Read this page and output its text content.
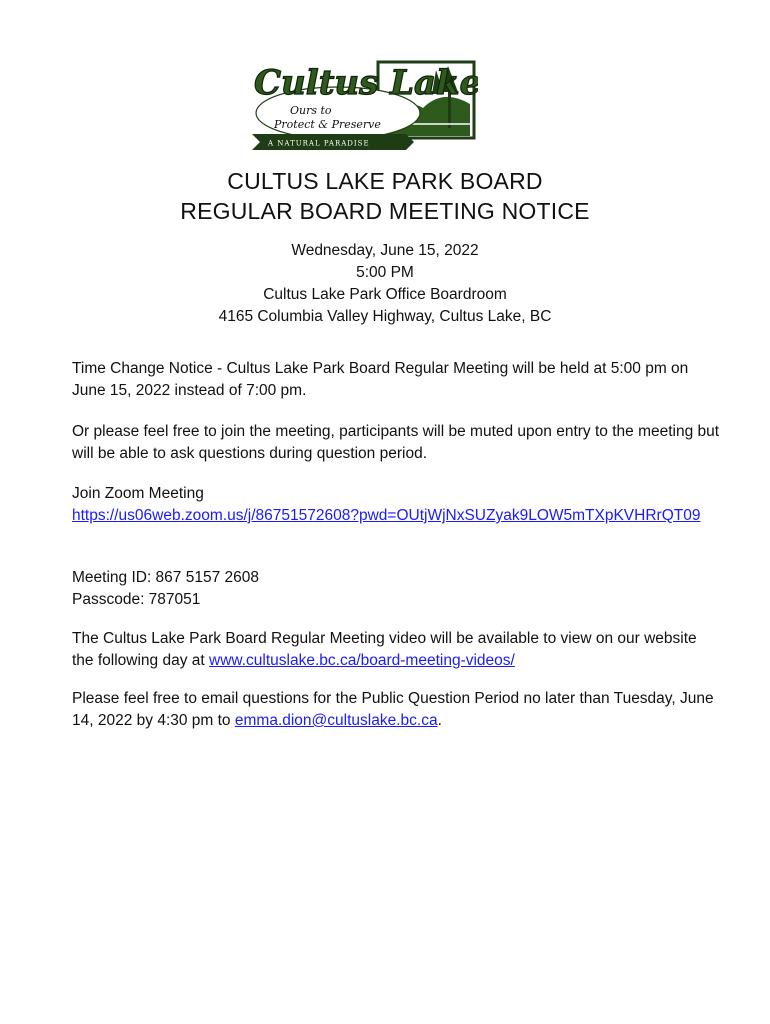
Cultus Lake
Ours to
Protect & Preserve
A NATURAL PARADISE
CULTUS LAKE PARK BOARD
REGULAR BOARD MEETING NOTICE
Wednesday, June 15, 2022
5:00 PM
Cultus Lake Park Office Boardroom
4165 Columbia Valley Highway, Cultus Lake, BC
Time Change Notice - Cultus Lake Park Board Regular Meeting will be held at 5:00 pm on June 15, 2022 instead of 7:00 pm.
Or please feel free to join the meeting, participants will be muted upon entry to the meeting but will be able to ask questions during question period.
Join Zoom Meeting
https://us06web.zoom.us/j/86751572608?pwd=OUtjWjNxSUZyak9LOW5mTXpKVHRrQT09
Meeting ID: 867 5157 2608
Passcode: 787051
The Cultus Lake Park Board Regular Meeting video will be available to view on our website the following day at www.cultuslake.bc.ca/board-meeting-videos/
Please feel free to email questions for the Public Question Period no later than Tuesday, June 14, 2022 by 4:30 pm to emma.dion@cultuslake.bc.ca.
